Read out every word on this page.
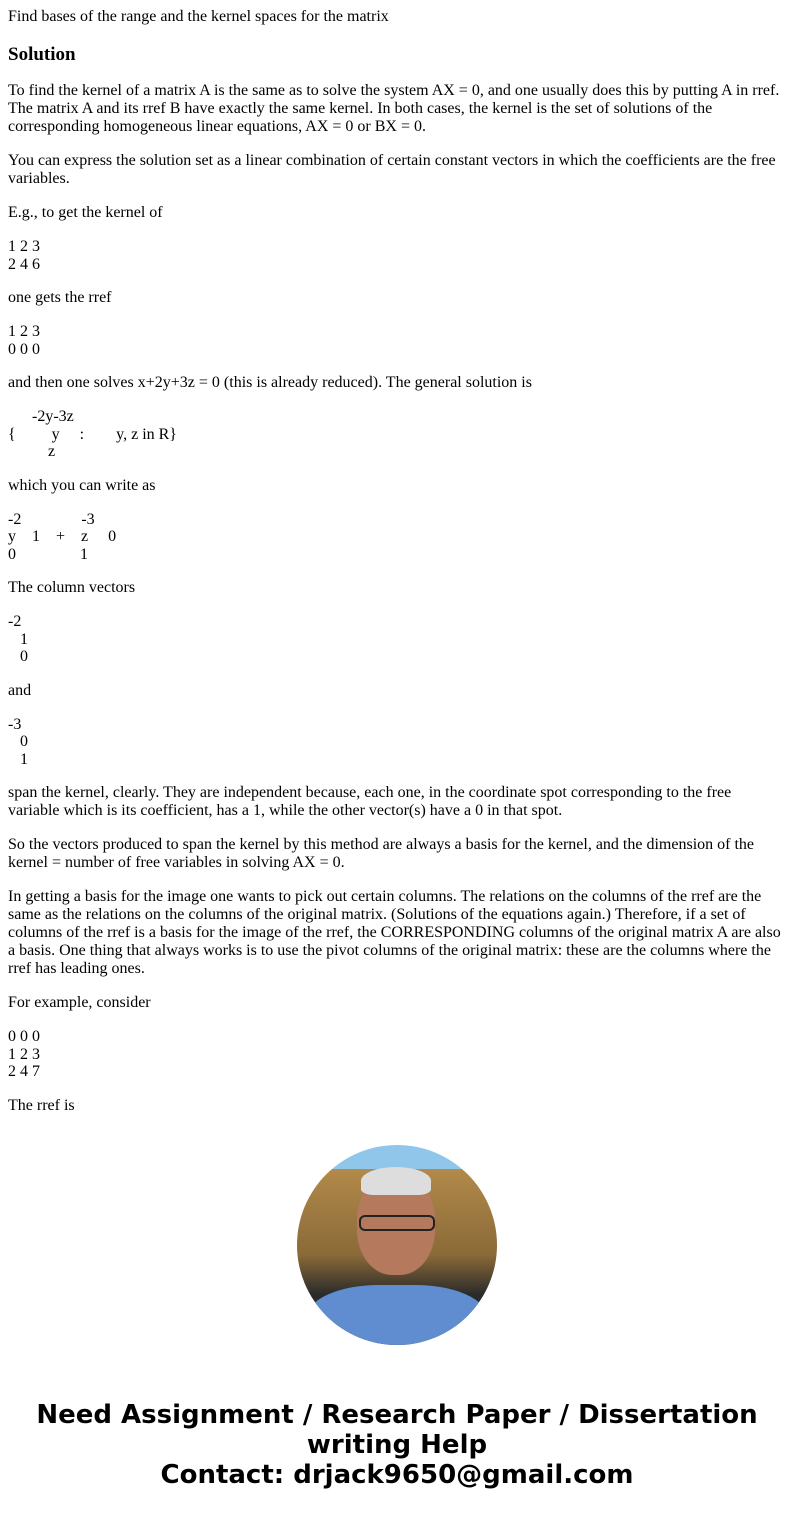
Find bases of the range and the kernel spaces for the matrix
Solution

To find the kernel of a matrix A is the same as to solve the system AX = 0, and one usually does this by putting A in rref. The matrix A and its rref B have exactly the same kernel. In both cases, the kernel is the set of solutions of the corresponding homogeneous linear equations, AX = 0 or BX = 0.

You can express the solution set as a linear combination of certain constant vectors in which the coefficients are the free variables.

E.g., to get the kernel of

1 2 3
2 4 6

one gets the rref

1 2 3
0 0 0

and then one solves x+2y+3z = 0 (this is already reduced). The general solution is

-2y-3z
{         y     :        y, z in R}
z

which you can write as

-2               -3
y    1    +    z     0
0                1

The column vectors

-2
1
0

and

-3
0
1

span the kernel, clearly. They are independent because, each one, in the coordinate spot corresponding to the free variable which is its coefficient, has a 1, while the other vector(s) have a 0 in that spot.

So the vectors produced to span the kernel by this method are always a basis for the kernel, and the dimension of the kernel = number of free variables in solving AX = 0.

In getting a basis for the image one wants to pick out certain columns. The relations on the columns of the rref are the same as the relations on the columns of the original matrix. (Solutions of the equations again.) Therefore, if a set of columns of the rref is a basis for the image of the rref, the CORRESPONDING columns of the original matrix A are also a basis. One thing that always works is to use the pivot columns of the original matrix: these are the columns where the rref has leading ones.

For example, consider

0 0 0
1 2 3
2 4 7

The rref is

Need Assignment / Research Paper / Dissertation writing Help
Contact: drjack9650@gmail.com
